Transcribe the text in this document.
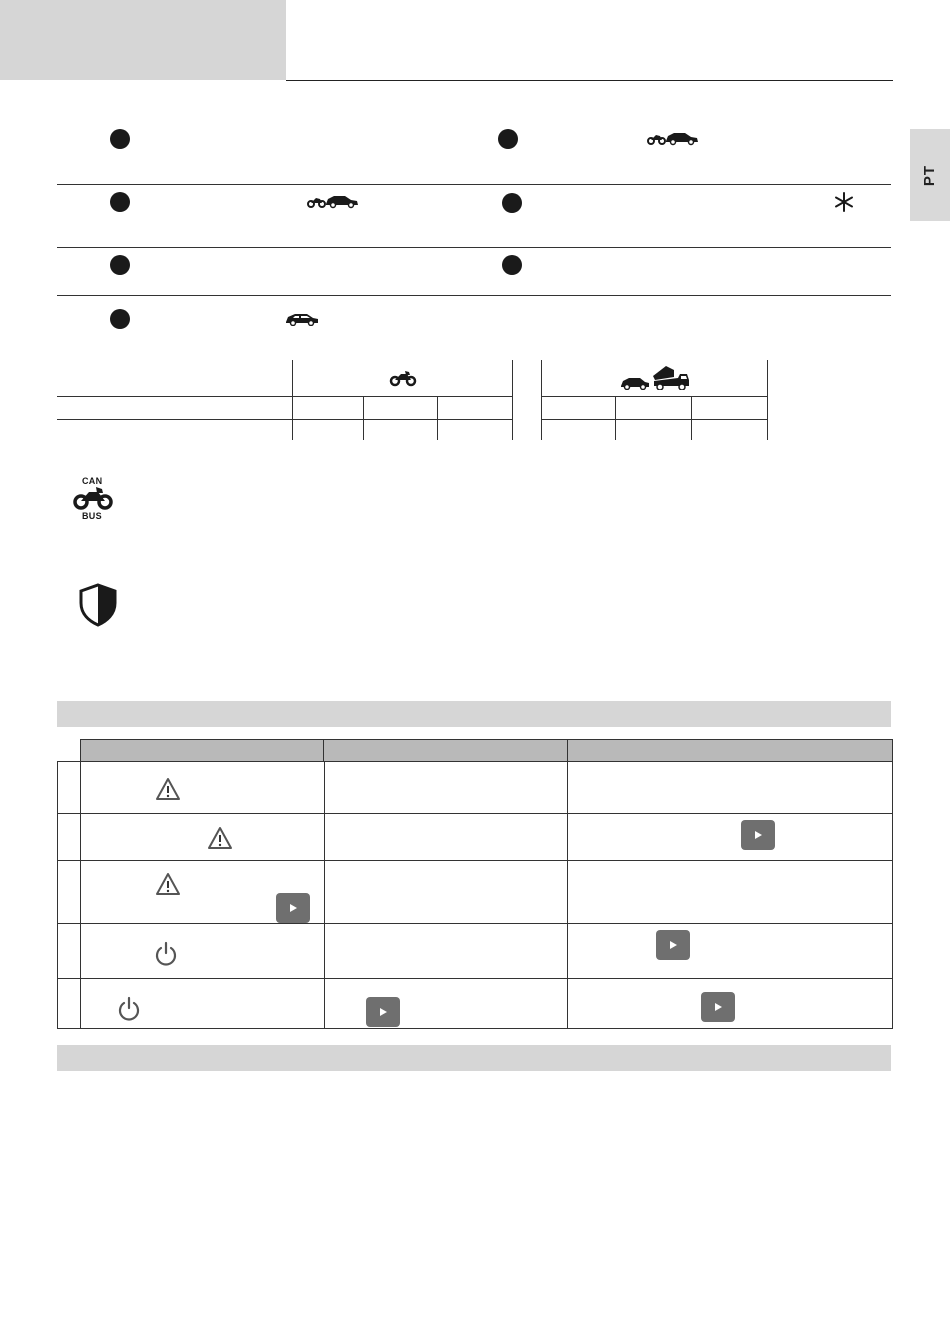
PT
CAN
BUS
